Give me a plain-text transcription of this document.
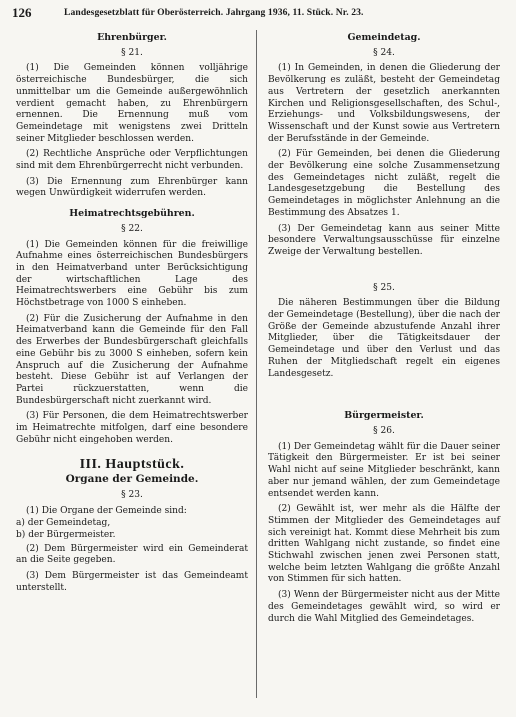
126	Landesgesetzblatt für Oberösterreich. Jahrgang 1936, 11. Stück. Nr. 23.
Ehrenbürger.
§ 21.

(1) Die Gemeinden können volljährige österreichische Bundesbürger, die sich unmittelbar um die Gemeinde außergewöhnlich verdient gemacht haben, zu Ehrenbürgern ernennen. Die Ernennung muß vom Gemeindetage mit wenigstens zwei Dritteln seiner Mitglieder beschlossen werden.

(2) Rechtliche Ansprüche oder Verpflichtungen sind mit dem Ehrenbürgerrecht nicht verbunden.

(3) Die Ernennung zum Ehrenbürger kann wegen Unwürdigkeit widerrufen werden.

Heimatrechtsgebühren.
§ 22.

(1) Die Gemeinden können für die freiwillige Aufnahme eines österreichischen Bundesbürgers in den Heimatverband unter Berücksichtigung der wirtschaftlichen Lage des Heimatrechtswerbers eine Gebühr bis zum Höchstbetrage von 1000 S einheben.

(2) Für die Zusicherung der Aufnahme in den Heimatverband kann die Gemeinde für den Fall des Erwerbes der Bundesbürgerschaft gleichfalls eine Gebühr bis zu 3000 S einheben, sofern kein Anspruch auf die Zusicherung der Aufnahme besteht. Diese Gebühr ist auf Verlangen der Partei rückzuerstatten, wenn die Bundesbürgerschaft nicht zuerkannt wird.

(3) Für Personen, die dem Heimatrechtswerber im Heimatrechte mitfolgen, darf eine besondere Gebühr nicht eingehoben werden.

III. Hauptstück.
Organe der Gemeinde.
§ 23.

(1) Die Organe der Gemeinde sind:

a) der Gemeindetag,
b) der Bürgermeister.

(2) Dem Bürgermeister wird ein Gemeinderat an die Seite gegeben.

(3) Dem Bürgermeister ist das Gemeindeamt unterstellt.

Gemeindetag.
§ 24.

(1) In Gemeinden, in denen die Gliederung der Bevölkerung es zuläßt, besteht der Gemeindetag aus Vertretern der gesetzlich anerkannten Kirchen und Religionsgesellschaften, des Schul-, Erziehungs- und Volksbildungswesens, der Wissenschaft und der Kunst sowie aus Vertretern der Berufsstände in der Gemeinde.

(2) Für Gemeinden, bei denen die Gliederung der Bevölkerung eine solche Zusammensetzung des Gemeindetages nicht zuläßt, regelt die Landesgesetzgebung die Bestellung des Gemeindetages in möglichster Anlehnung an die Bestimmung des Absatzes 1.

(3) Der Gemeindetag kann aus seiner Mitte besondere Verwaltungsausschüsse für einzelne Zweige der Verwaltung bestellen.

§ 25.

Die näheren Bestimmungen über die Bildung der Gemeindetage (Bestellung), über die nach der Größe der Gemeinde abzustufende Anzahl ihrer Mitglieder, über die Tätigkeitsdauer der Gemeindetage und über den Verlust und das Ruhen der Mitgliedschaft regelt ein eigenes Landesgesetz.

Bürgermeister.
§ 26.

(1) Der Gemeindetag wählt für die Dauer seiner Tätigkeit den Bürgermeister. Er ist bei seiner Wahl nicht auf seine Mitglieder beschränkt, kann aber nur jemand wählen, der zum Gemeindetage entsendet werden kann.

(2) Gewählt ist, wer mehr als die Hälfte der Stimmen der Mitglieder des Gemeindetages auf sich vereinigt hat. Kommt diese Mehrheit bis zum dritten Wahlgang nicht zustande, so findet eine Stichwahl zwischen jenen zwei Personen statt, welche beim letzten Wahlgang die größte Anzahl von Stimmen für sich hatten.

(3) Wenn der Bürgermeister nicht aus der Mitte des Gemeindetages gewählt wird, so wird er durch die Wahl Mitglied des Gemeindetages.
